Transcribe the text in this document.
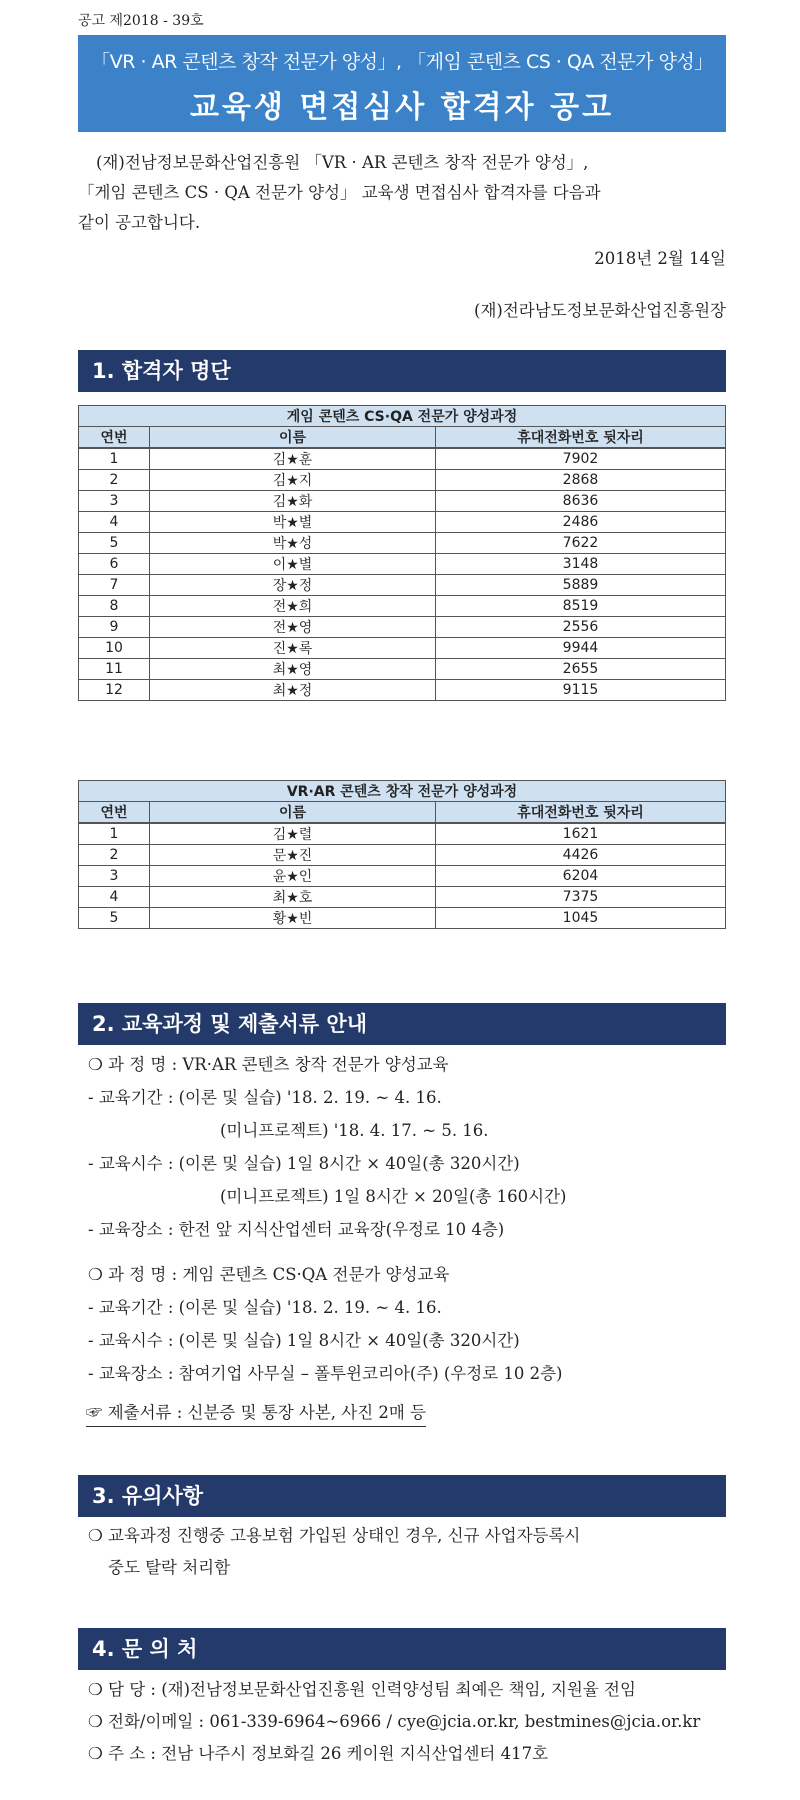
공고 제2018 - 39호
「VR · AR 콘텐츠 창작 전문가 양성」, 「게임 콘텐츠 CS · QA 전문가 양성」
교육생 면접심사 합격자 공고

(재)전남정보문화산업진흥원 「VR · AR 콘텐츠 창작 전문가 양성」,

「게임 콘텐츠 CS · QA 전문가 양성」 교육생 면접심사 합격자를 다음과

같이 공고합니다.

2018년 2월 14일

(재)전라남도정보문화산업진흥원장

1. 합격자 명단
게임 콘텐츠 CS·QA 전문가 양성과정		
연번	이름	휴대전화번호 뒷자리
1	김★훈	7902
2	김★지	2868
3	김★화	8636
4	박★별	2486
5	박★성	7622
6	이★별	3148
7	장★정	5889
8	전★희	8519
9	전★영	2556
10	진★록	9944
11	최★영	2655
12	최★정	9115
VR·AR 콘텐츠 창작 전문가 양성과정		
연번	이름	휴대전화번호 뒷자리
1	김★렬	1621
2	문★진	4426
3	윤★인	6204
4	최★호	7375
5	황★빈	1045
2. 교육과정 및 제출서류 안내
❍ 과 정 명 : VR·AR 콘텐츠 창작 전문가 양성교육
- 교육기간 : (이론 및 실습) '18. 2. 19. ~ 4. 16.
(미니프로젝트) '18. 4. 17. ~ 5. 16.
- 교육시수 : (이론 및 실습) 1일 8시간 × 40일(총 320시간)
(미니프로젝트) 1일 8시간 × 20일(총 160시간)
- 교육장소 : 한전 앞 지식산업센터 교육장(우정로 10 4층)
❍ 과 정 명 : 게임 콘텐츠 CS·QA 전문가 양성교육
- 교육기간 : (이론 및 실습) '18. 2. 19. ~ 4. 16.
- 교육시수 : (이론 및 실습) 1일 8시간 × 40일(총 320시간)
- 교육장소 : 참여기업 사무실 – 폴투윈코리아(주) (우정로 10 2층)
☞ 제출서류 : 신분증 및 통장 사본, 사진 2매 등
3. 유의사항
❍ 교육과정 진행중 고용보험 가입된 상태인 경우, 신규 사업자등록시
중도 탈락 처리함
4. 문 의 처
❍ 담 당 : (재)전남정보문화산업진흥원 인력양성팀 최예은 책임, 지원율 전임
❍ 전화/이메일 : 061-339-6964~6966 / cye@jcia.or.kr, bestmines@jcia.or.kr
❍ 주 소 : 전남 나주시 정보화길 26 케이원 지식산업센터 417호
